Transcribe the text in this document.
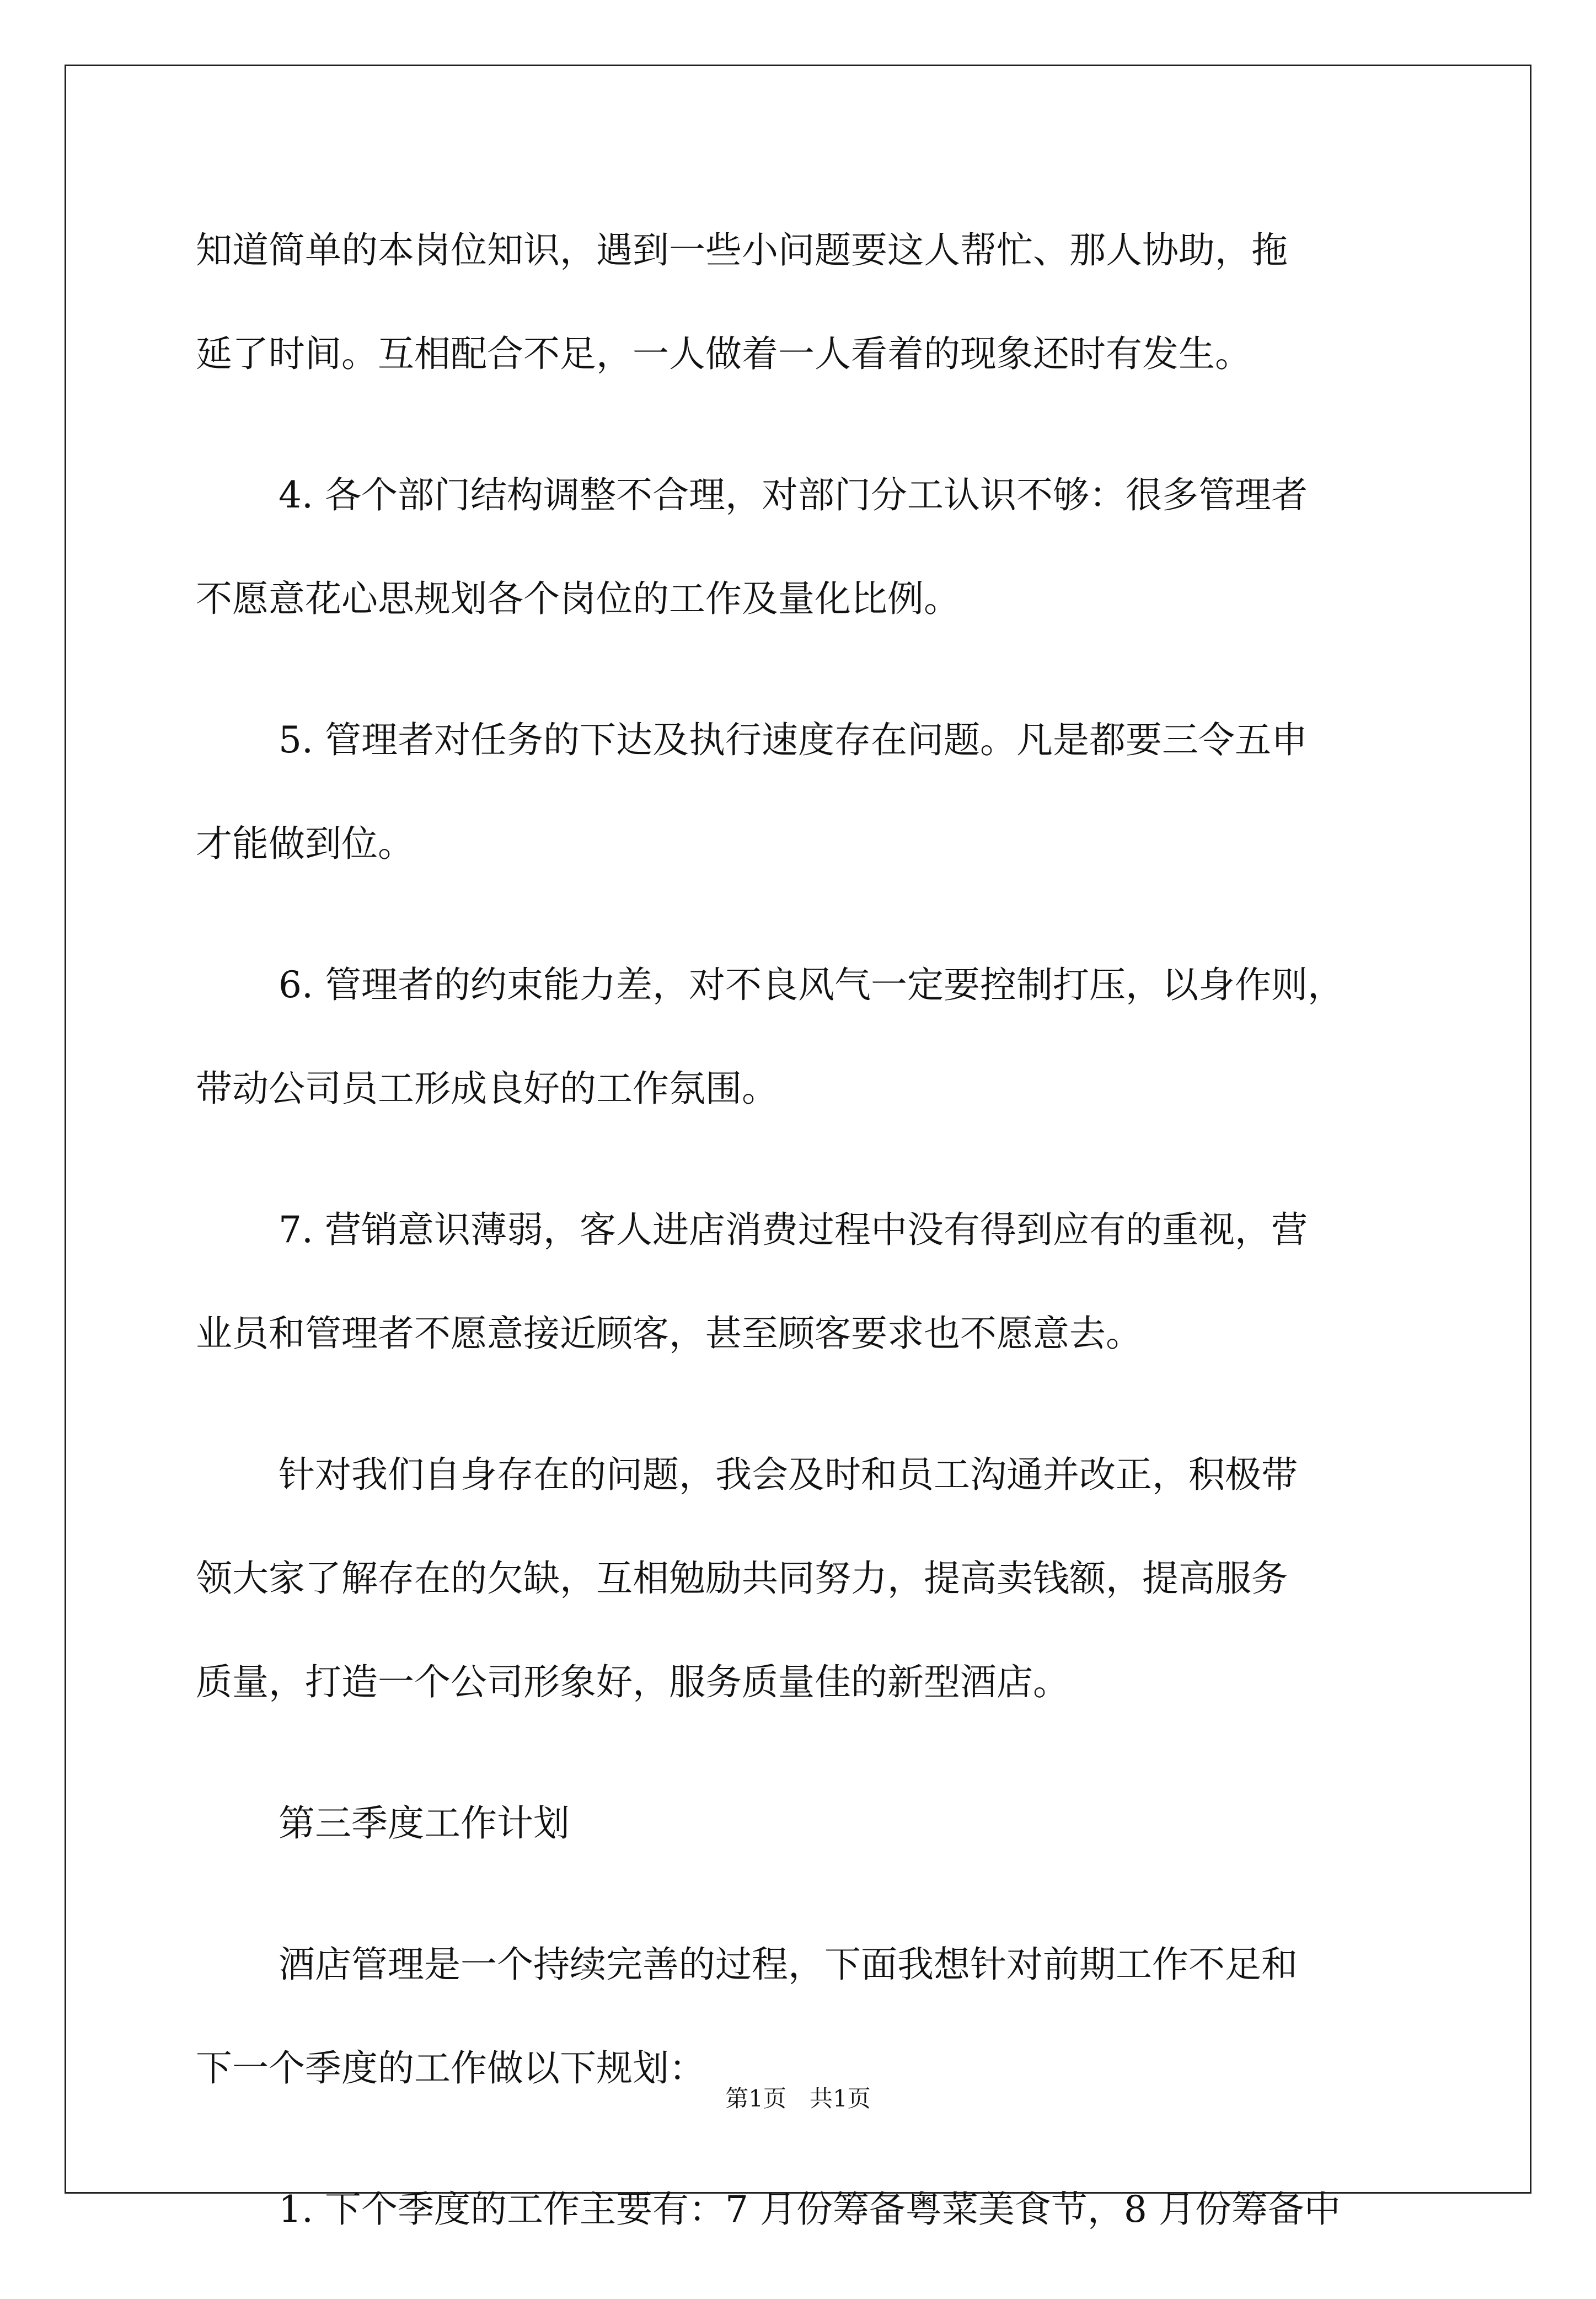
知道简单的本岗位知识，遇到一些小问题要这人帮忙、那人协助，拖
延了时间。互相配合不足，一人做着一人看着的现象还时有发生。
4. 各个部门结构调整不合理，对部门分工认识不够：很多管理者
不愿意花心思规划各个岗位的工作及量化比例。
5. 管理者对任务的下达及执行速度存在问题。凡是都要三令五申
才能做到位。
6. 管理者的约束能力差，对不良风气一定要控制打压，以身作则，
带动公司员工形成良好的工作氛围。
7. 营销意识薄弱，客人进店消费过程中没有得到应有的重视，营
业员和管理者不愿意接近顾客，甚至顾客要求也不愿意去。
针对我们自身存在的问题，我会及时和员工沟通并改正，积极带
领大家了解存在的欠缺，互相勉励共同努力，提高卖钱额，提高服务
质量，打造一个公司形象好，服务质量佳的新型酒店。
第三季度工作计划
酒店管理是一个持续完善的过程，下面我想针对前期工作不足和
下一个季度的工作做以下规划：
1. 下个季度的工作主要有：7 月份筹备粤菜美食节，8 月份筹备中
第1页　共1页
